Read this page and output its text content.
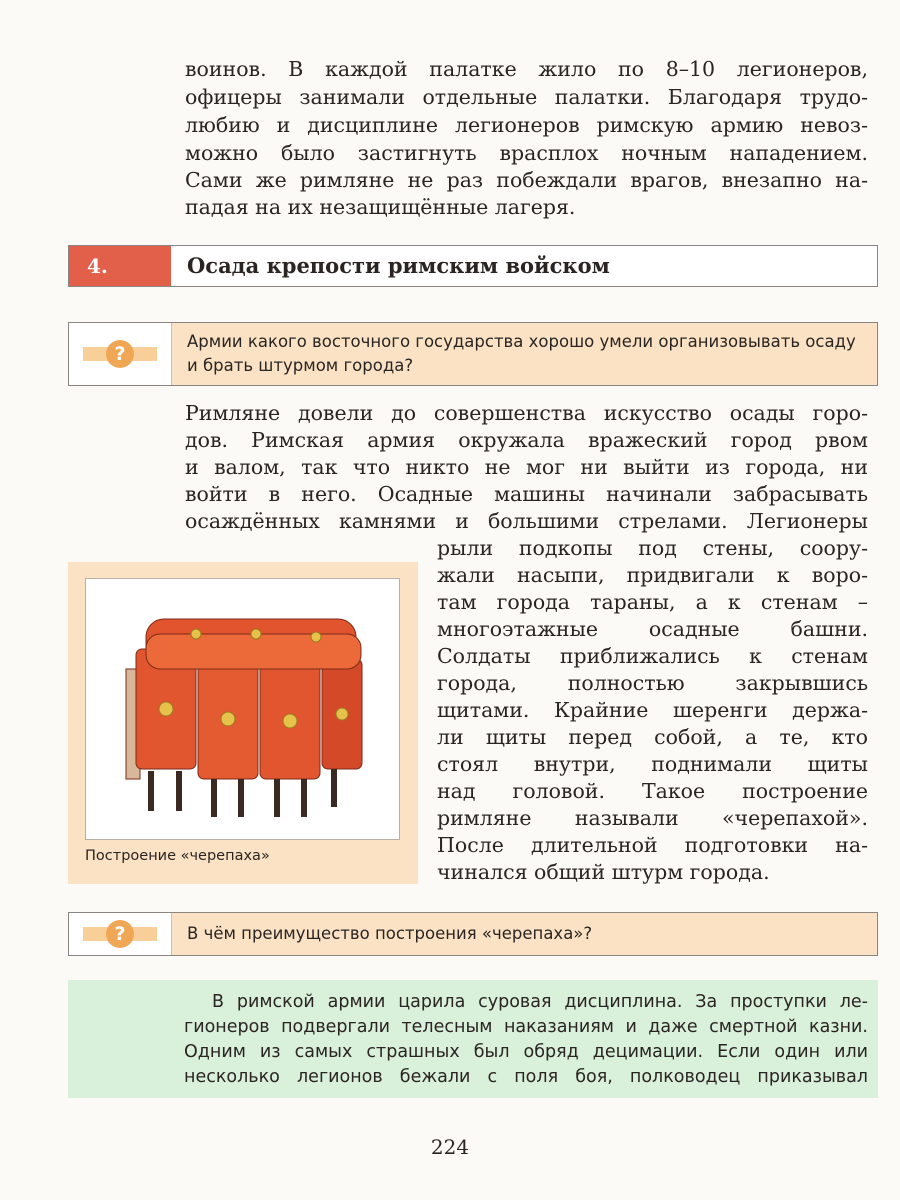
воинов. В каждой палатке жило по 8–10 легионеров,
офицеры занимали отдельные палатки. Благодаря трудо-
любию и дисциплине легионеров римскую армию невоз-
можно было застигнуть врасплох ночным нападением.
Сами же римляне не раз побеждали врагов, внезапно на-
падая на их незащищённые лагеря.
4.	Осада крепости римским войском
?
Армии какого восточного государства хорошо умели организовывать осаду
и брать штурмом города?
Римляне довели до совершенства искусство осады горо-
дов. Римская армия окружала вражеский город рвом
и валом, так что никто не мог ни выйти из города, ни
войти в него. Осадные машины начинали забрасывать
осаждённых камнями и большими стрелами. Легионеры
рыли подкопы под стены, соору-
жали насыпи, придвигали к воро-
там города тараны, а к стенам –
многоэтажные осадные башни.
Солдаты приближались к стенам
города, полностью закрывшись
щитами. Крайние шеренги держа-
ли щиты перед собой, а те, кто
стоял внутри, поднимали щиты
над головой. Такое построение
римляне называли «черепахой».
После длительной подготовки на-
чинался общий штурм города.
Построение «черепаха»
?	В чём преимущество построения «черепаха»?
В римской армии царила суровая дисциплина. За проступки ле-
гионеров подвергали телесным наказаниям и даже смертной казни.
Одним из самых страшных был обряд децимации. Если один или
несколько легионов бежали с поля боя, полководец приказывал
224
